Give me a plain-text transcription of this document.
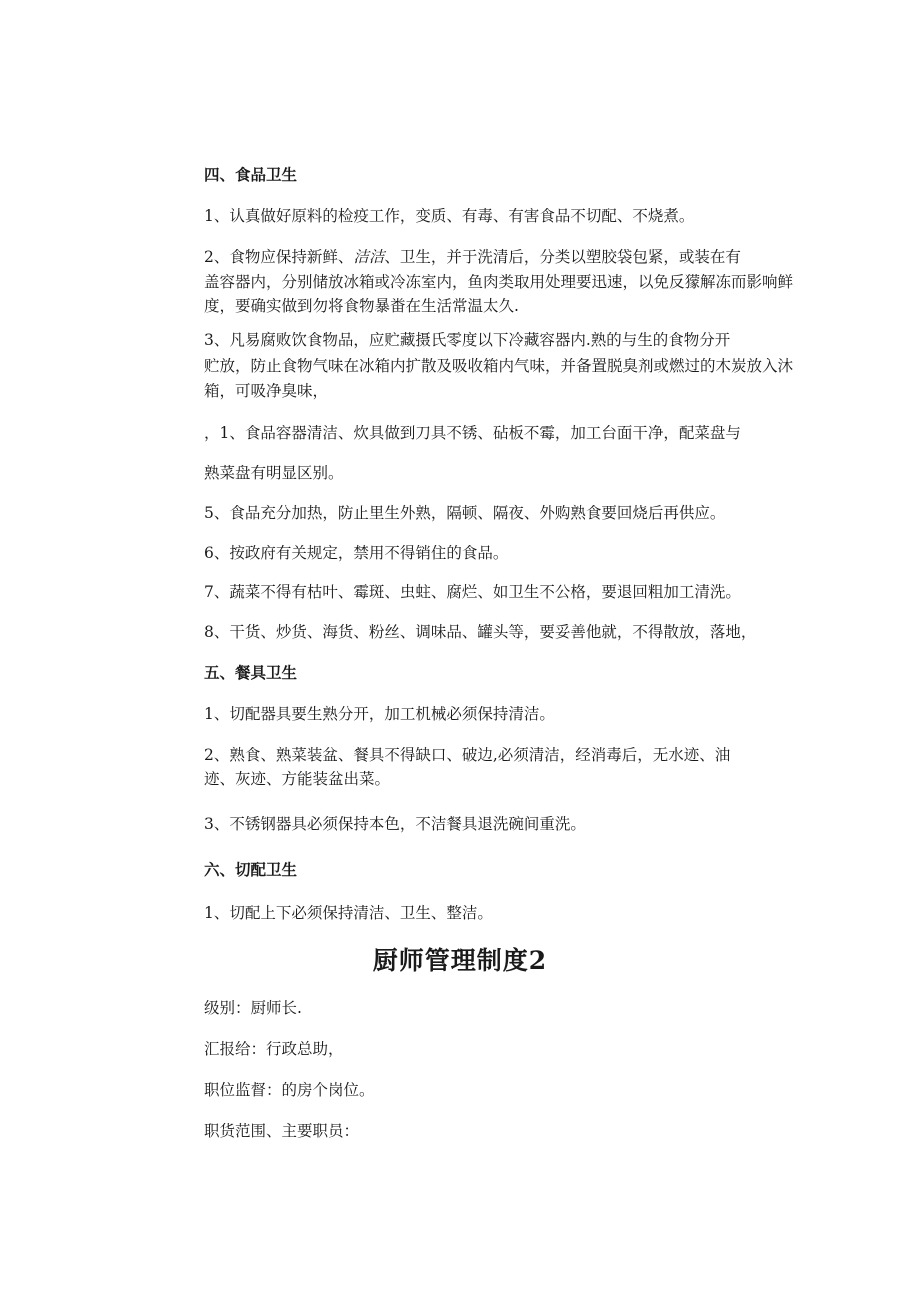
四、食品卫生

1、认真做好原料的检疫工作，变质、有毒、有害食品不切配、不烧煮。

2、食物应保持新鲜、洁洁、卫生，并于洗清后，分类以塑胶袋包紧，或装在有

盖容器内，分别储放冰箱或冷冻室内，鱼肉类取用处理要迅速，以免反獴解冻而影响鲜

度，要确实做到勿将食物暴畨在生活常温太久.

3、凡易腐败饮食物品，应贮藏摄氏零度以下冷藏容器内.熟的与生的食物分开

贮放，防止食物气味在冰箱内扩散及吸收箱内气味，并备置脱臭剂或燃过的木炭放入沐

箱，可吸净臭味，

，1、食品容器清洁、炊具做到刀具不锈、砧板不霉，加工台面干净，配菜盘与

熟菜盘有明显区别。

5、食品充分加热，防止里生外熟，隔顿、隔夜、外购熟食要回烧后再供应。

6、按政府有关规定，禁用不得销住的食品。

7、蔬菜不得有枯叶、霉斑、虫蛀、腐烂、如卫生不公格，要退回粗加工清洗。

8、干货、炒货、海货、粉丝、调味品、罐头等，要妥善他就，不得散放，落地，

五、餐具卫生

1、切配器具要生熟分开，加工机械必须保持清洁。

2、熟食、熟菜装盆、餐具不得缺口、破边,必须清洁，经消毒后，无水迹、油

迹、灰迹、方能装盆出菜。

3、不锈钢器具必须保持本色，不洁餐具退洗碗间重洗。

六、切配卫生

1、切配上下必须保持清洁、卫生、整洁。

厨师管理制度2

级别：厨师长.

汇报给：行政总助，

职位监督：的房个岗位。

职货范围、主要职员：
